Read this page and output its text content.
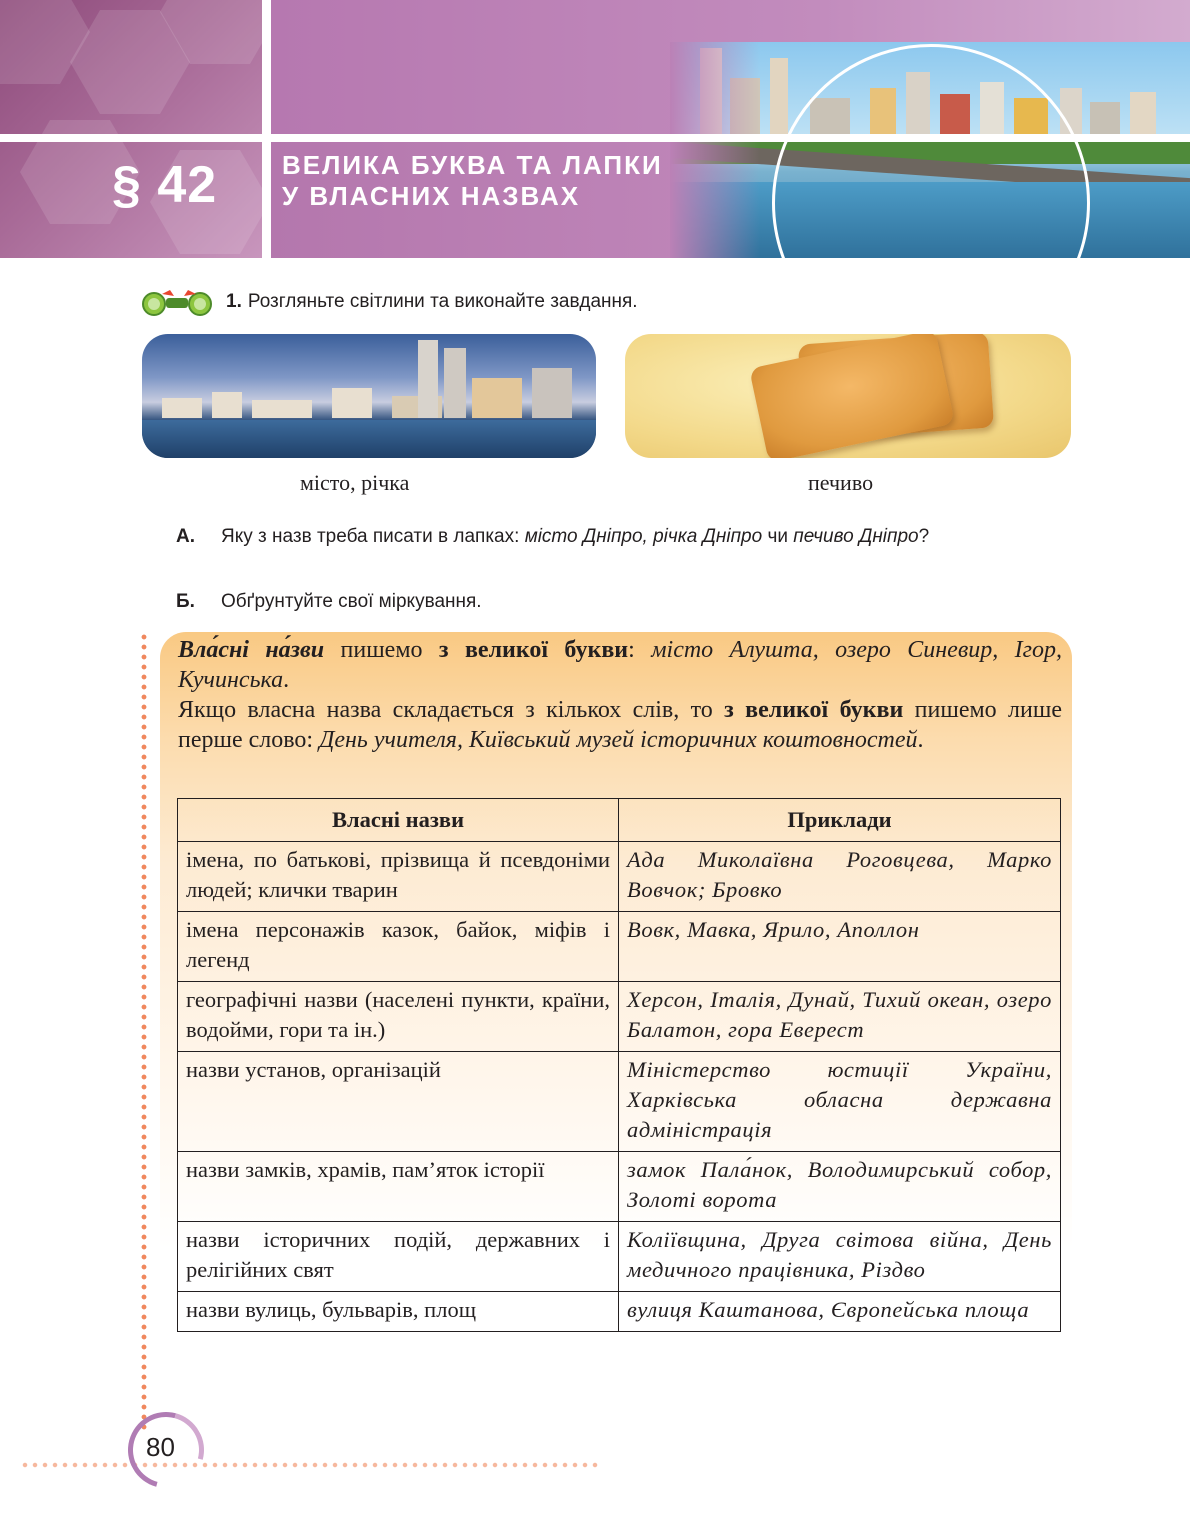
§ 42	ВЕЛИКА БУКВА ТА ЛАПКИ
У ВЛАСНИХ НАЗВАХ
1. Розгляньте світлини та виконайте завдання.
місто, річка	печиво
А. Яку з назв треба писати в лапках: місто Дніпро, річка Дніпро чи печиво Дніпро?
Б. Обґрунтуйте свої міркування.

Вла́сні на́зви пишемо з великої букви: місто Алушта, озеро Синевир, Ігор, Кучинська.

Якщо власна назва складається з кількох слів, то з великої букви пишемо лише перше слово: День учителя, Київський музей історичних коштовностей.

Власні назви	Приклади
імена, по батькові, прізвища й псевдоніми людей; клички тварин	Ада Миколаївна Роговцева, Марко Вовчок; Бровко
імена персонажів казок, байок, міфів і легенд	Вовк, Мавка, Ярило, Аполлон
географічні назви (населені пункти, країни, водойми, гори та ін.)	Херсон, Італія, Дунай, Тихий океан, озеро Балатон, гора Еверест
назви установ, організацій	Міністерство юстиції України, Харківська обласна державна адміністрація
назви замків, храмів, пам’яток історії	замок Пала́нок, Володимирський собор, Золоті ворота
назви історичних подій, державних і релігійних свят	Коліївщина, Друга світова війна, День медичного працівника, Різдво
назви вулиць, бульварів, площ	вулиця Каштанова, Європейська площа
80
